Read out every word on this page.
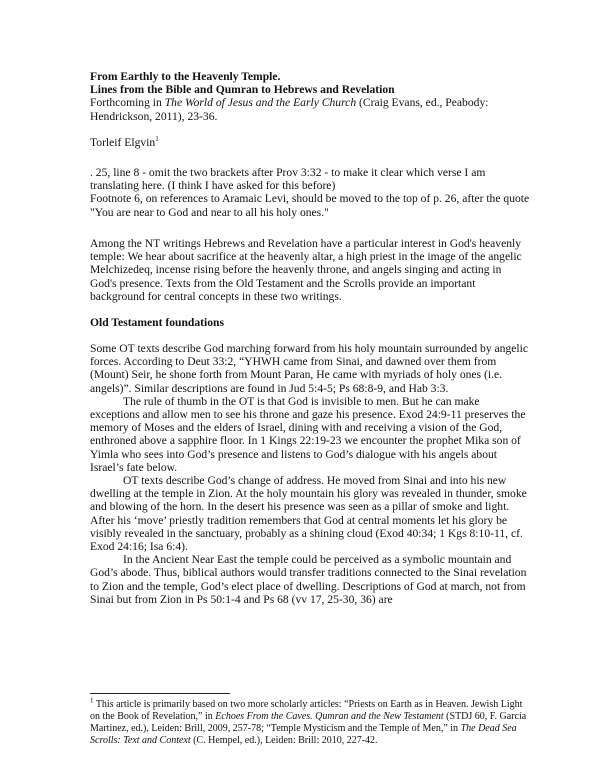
From Earthly to the Heavenly Temple.

Lines from the Bible and Qumran to Hebrews and Revelation

Forthcoming in The World of Jesus and the Early Church (Craig Evans, ed., Peabody: Hendrickson, 2011), 23-36.

Torleif Elgvin$^1$

. 25, line 8 - omit the two brackets after Prov 3:32 - to make it clear which verse I am translating here. (I think I have asked for this before)

Footnote 6, on references to Aramaic Levi, should be moved to the top of p. 26, after the quote "You are near to God and near to all his holy ones."

Among the NT writings Hebrews and Revelation have a particular interest in God's heavenly temple: We hear about sacrifice at the heavenly altar, a high priest in the image of the angelic Melchizedeq, incense rising before the heavenly throne, and angels singing and acting in God's presence. Texts from the Old Testament and the Scrolls provide an important background for central concepts in these two writings.

Old Testament foundations

Some OT texts describe God marching forward from his holy mountain surrounded by angelic forces. According to Deut 33:2, “YHWH came from Sinai, and dawned over them from (Mount) Seir, he shone forth from Mount Paran, He came with myriads of holy ones (i.e. angels)”. Similar descriptions are found in Jud 5:4-5; Ps 68:8-9, and Hab 3:3.

The rule of thumb in the OT is that God is invisible to men. But he can make exceptions and allow men to see his throne and gaze his presence. Exod 24:9-11 preserves the memory of Moses and the elders of Israel, dining with and receiving a vision of the God, enthroned above a sapphire floor. In 1 Kings 22:19-23 we encounter the prophet Mika son of Yimla who sees into God’s presence and listens to God’s dialogue with his angels about Israel’s fate below.

OT texts describe God’s change of address. He moved from Sinai and into his new dwelling at the temple in Zion. At the holy mountain his glory was revealed in thunder, smoke and blowing of the horn. In the desert his presence was seen as a pillar of smoke and light. After his ‘move’ priestly tradition remembers that God at central moments let his glory be visibly revealed in the sanctuary, probably as a shining cloud (Exod 40:34; 1 Kgs 8:10-11, cf. Exod 24:16; Isa 6:4).

In the Ancient Near East the temple could be perceived as a symbolic mountain and God’s abode. Thus, biblical authors would transfer traditions connected to the Sinai revelation to Zion and the temple, God’s elect place of dwelling. Descriptions of God at march, not from Sinai but from Zion in Ps 50:1-4 and Ps 68 (vv 17, 25-30, 36) are

$^1$ This article is primarily based on two more scholarly articles: “Priests on Earth as in Heaven. Jewish Light on the Book of Revelation,” in Echoes From the Caves. Qumran and the New Testament (STDJ 60, F. García Martinez, ed.), Leiden: Brill, 2009, 257-78; “Temple Mysticism and the Temple of Men,” in The Dead Sea Scrolls: Text and Context (C. Hempel, ed.), Leiden: Brill: 2010, 227-42.
